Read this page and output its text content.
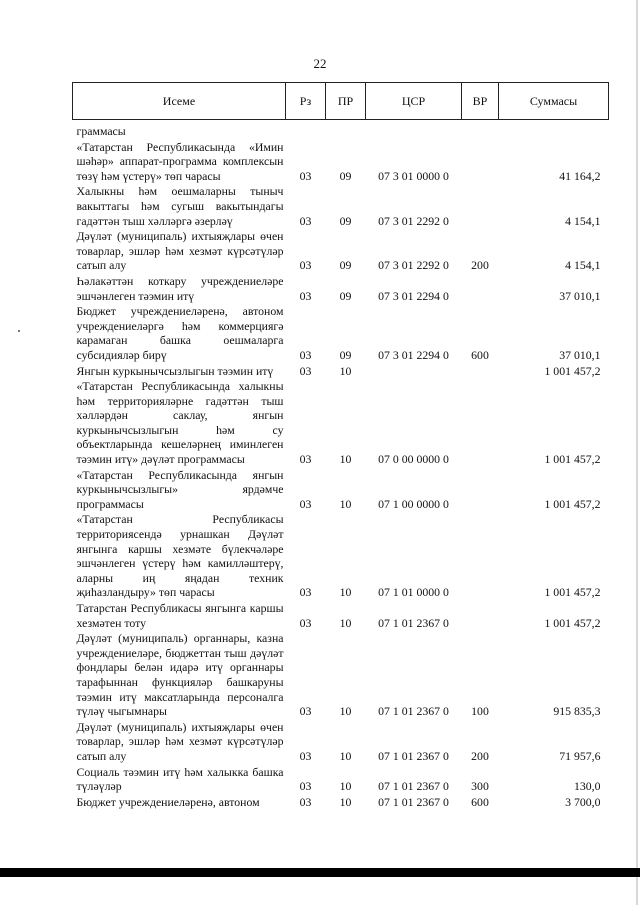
22
Исеме	Рз	ПР	ЦСР	ВР	Суммасы
граммасы					
«Татарстан Республикасында «Имин шәһәр» аппарат-программа комплексын төзү һәм үстерү» төп чарасы	03	09	07 3 01 0000 0		41 164,2
Халыкны һәм оешмаларны тыныч вакыттагы һәм сугыш вакытындагы гадәттән тыш хәлләргә әзерләү	03	09	07 3 01 2292 0		4 154,1
Дәүләт (муниципаль) ихтыяҗлары өчен товарлар, эшләр һәм хезмәт күрсәтүләр сатып алу	03	09	07 3 01 2292 0	200	4 154,1
Һәлакәттән коткару учреждениеләре эшчәнлеген тәэмин итү	03	09	07 3 01 2294 0		37 010,1
Бюджет учреждениеләренә, автоном учреждениеләргә һәм коммерциягә карамаган башка оешмаларга субсидияләр бирү	03	09	07 3 01 2294 0	600	37 010,1
Янгын куркынычсызлыгын тәэмин итү	03	10			1 001 457,2
«Татарстан Республикасында халыкны һәм территорияләрне гадәттән тыш хәлләрдән саклау, янгын куркынычсызлыгын һәм су объектларында кешеләрнең иминлеген тәэмин итү» дәүләт программасы	03	10	07 0 00 0000 0		1 001 457,2
«Татарстан Республикасында янгын куркынычсызлыгы» ярдәмче программасы	03	10	07 1 00 0000 0		1 001 457,2
«Татарстан Республикасы территориясендә урнашкан Дәүләт янгынга каршы хезмәте бүлекчәләре эшчәнлеген үстерү һәм камилләштерү, аларны иң яңадан техник җиһазландыру» төп чарасы	03	10	07 1 01 0000 0		1 001 457,2
Татарстан Республикасы янгынга каршы хезмәтен тоту	03	10	07 1 01 2367 0		1 001 457,2
Дәүләт (муниципаль) органнары, казна учреждениеләре, бюджеттан тыш дәүләт фондлары белән идарә итү органнары тарафыннан функцияләр башкаруны тәэмин итү максатларында персоналга түләү чыгымнары	03	10	07 1 01 2367 0	100	915 835,3
Дәүләт (муниципаль) ихтыяҗлары өчен товарлар, эшләр һәм хезмәт күрсәтүләр сатып алу	03	10	07 1 01 2367 0	200	71 957,6
Социаль тәэмин итү һәм халыкка башка түләүләр	03	10	07 1 01 2367 0	300	130,0
Бюджет учреждениеләренә, автоном	03	10	07 1 01 2367 0	600	3 700,0
